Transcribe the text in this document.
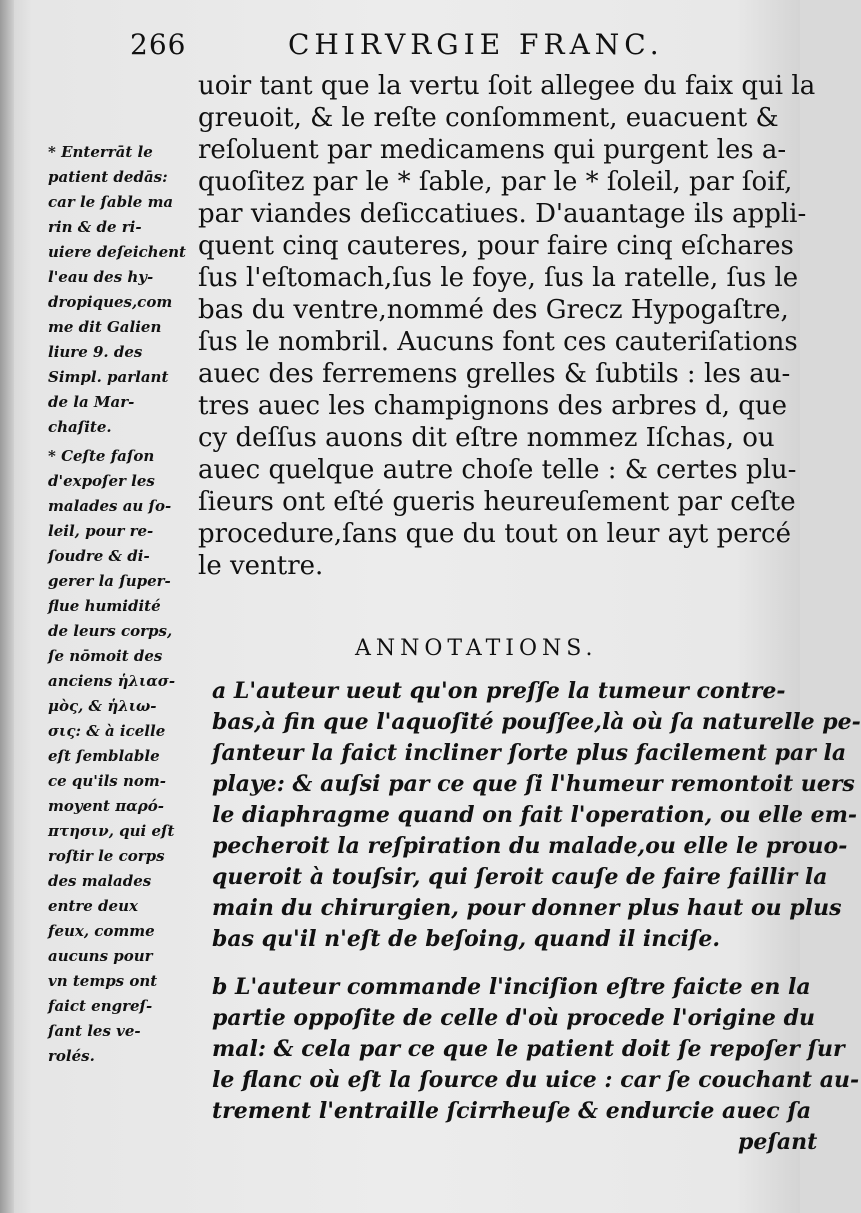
266	CHIRVRGIE FRANC.
uoir tant que la vertu ſoit allegee du faix qui la
greuoit, & le reſte conſomment, euacuent &
reſoluent par medicamens qui purgent les a-
quoſitez par le * ſable, par le * ſoleil, par ſoif,
par viandes deſiccatiues. D'auantage ils appli-
quent cinq cauteres, pour faire cinq eſchares
ſus l'eſtomach,ſus le foye, ſus la ratelle, ſus le
bas du ventre,nommé des Grecz Hypogaſtre,
ſus le nombril. Aucuns font ces cauteriſations
auec des ferremens grelles & ſubtils : les au-
tres auec les champignons des arbres d, que
cy deſſus auons dit eſtre nommez Iſchas, ou
auec quelque autre choſe telle : & certes plu-
ſieurs ont eſté gueris heureuſement par ceſte
procedure,ſans que du tout on leur ayt percé
le ventre.
ANNOTATIONS.
a L'auteur ueut qu'on preſſe la tumeur contre-
bas,à fin que l'aquoſité pouſſee,là où ſa naturelle pe-
ſanteur la faict incliner ſorte plus facilement par la
playe: & auſsi par ce que ſi l'humeur remontoit uers
le diaphragme quand on fait l'operation, ou elle em-
pecheroit la reſpiration du malade,ou elle le prouo-
queroit à touſsir, qui ſeroit cauſe de faire faillir la
main du chirurgien, pour donner plus haut ou plus
bas qu'il n'eſt de beſoing, quand il inciſe.
b L'auteur commande l'inciſion eſtre faicte en la
partie oppoſite de celle d'où procede l'origine du
mal: & cela par ce que le patient doit ſe repoſer ſur
le flanc où eſt la ſource du uice : car ſe couchant au-
trement l'entraille ſcirrheuſe & endurcie auec ſa
peſant
* Enterrāt le
patient dedās:
car le ſable ma
rin & de ri-
uiere deſeichent
l'eau des hy-
dropiques,com
me dit Galien
liure 9. des
Simpl. parlant
de la Mar-
chaſite.
* Ceſte faſon
d'expoſer les
malades au ſo-
leil, pour re-
ſoudre & di-
gerer la ſuper-
flue humidité
de leurs corps,
ſe nōmoit des
anciens ἡλιασ-
μὸς, & ἡλιω-
σις: & à icelle
eſt ſemblable
ce qu'ils nom-
moyent παρό-
πτησιν, qui eſt
roſtir le corps
des malades
entre deux
feux, comme
aucuns pour
vn temps ont
faict engreſ-
ſant les ve-
rolés.
